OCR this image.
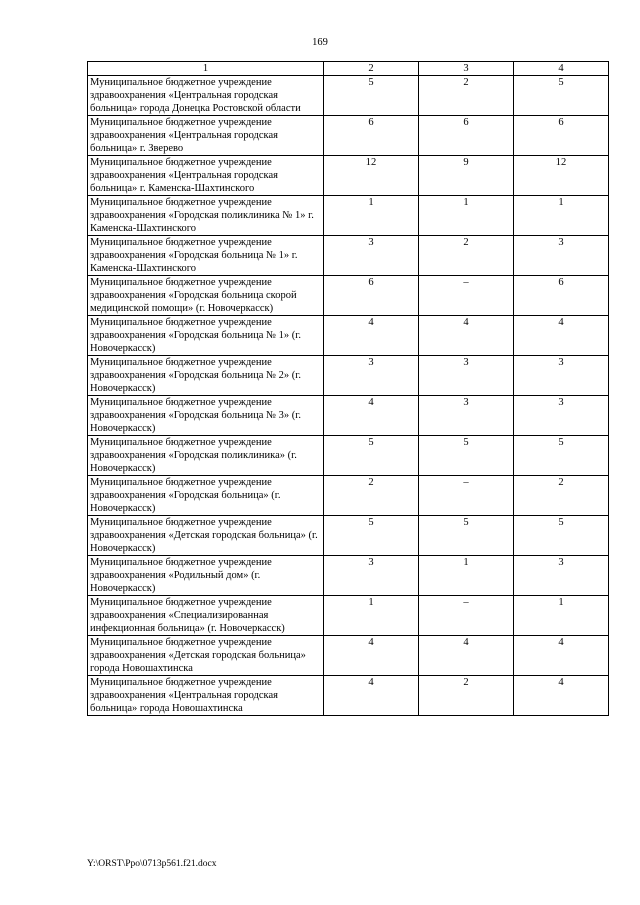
169
1	2	3	4
Муниципальное бюджетное учреждение здравоохранения «Центральная городская больница» города Донецка Ростовской области	5	2	5
Муниципальное бюджетное учреждение здравоохранения «Центральная городская больница» г. Зверево	6	6	6
Муниципальное бюджетное учреждение здравоохранения «Центральная городская больница» г. Каменска-Шахтинского	12	9	12
Муниципальное бюджетное учреждение здравоохранения «Городская поликлиника № 1» г. Каменска-Шахтинского	1	1	1
Муниципальное бюджетное учреждение здравоохранения «Городская больница № 1» г. Каменска-Шахтинского	3	2	3
Муниципальное бюджетное учреждение здравоохранения «Городская больница скорой медицинской помощи» (г. Новочеркасск)	6	–	6
Муниципальное бюджетное учреждение здравоохранения «Городская больница № 1» (г. Новочеркасск)	4	4	4
Муниципальное бюджетное учреждение здравоохранения «Городская больница № 2» (г. Новочеркасск)	3	3	3
Муниципальное бюджетное учреждение здравоохранения «Городская больница № 3» (г. Новочеркасск)	4	3	3
Муниципальное бюджетное учреждение здравоохранения «Городская поликлиника» (г. Новочеркасск)	5	5	5
Муниципальное бюджетное учреждение здравоохранения «Городская больница» (г. Новочеркасск)	2	–	2
Муниципальное бюджетное учреждение здравоохранения «Детская городская больница» (г. Новочеркасск)	5	5	5
Муниципальное бюджетное учреждение здравоохранения «Родильный дом» (г. Новочеркасск)	3	1	3
Муниципальное бюджетное учреждение здравоохранения «Специализированная инфекционная больница» (г. Новочеркасск)	1	–	1
Муниципальное бюджетное учреждение здравоохранения «Детская городская больница» города Новошахтинска	4	4	4
Муниципальное бюджетное учреждение здравоохранения «Центральная городская больница» города Новошахтинска	4	2	4
Y:\ORST\Ppo\0713p561.f21.docx
